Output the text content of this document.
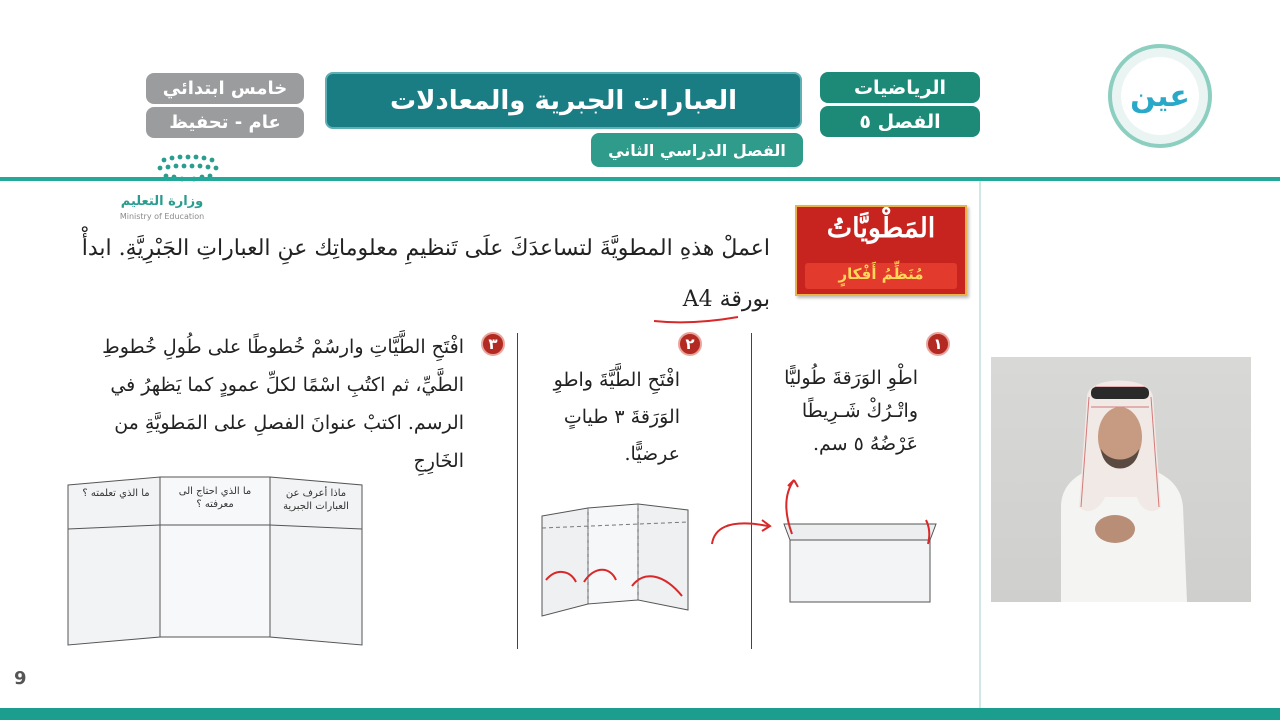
خامس ابتدائي
عام - تحفيظ
العبارات الجبرية والمعادلات
الفصل الدراسي الثاني
الرياضيات
الفصل ٥
عين
وزارة التعليم
Ministry of Education	المَطْويَّاتُ
مُنَظِّمُ أَفْكارٍ
اعملْ هذهِ المطويَّةَ لتساعدَكَ علَى تَنظيمِ معلوماتِك عنِ العباراتِ الجَبْرِيَّةِ. ابدأْ
بورقة A4
١
اطْوِ الوَرَقةَ طُوليًّا
واتْـرُكْ شَـرِيطًا
عَرْضُهُ ٥ سم.
٢
افْتَحِ الطَّيَّةَ واطوِ
الوَرَقةَ ٣ طياتٍ
عرضيًّا.
٣
افْتَحِ الطَّيَّاتِ وارسُمْ خُطوطًا على طُولِ خُطوطِ
الطَّيِّ، ثم اكتُبِ اسْمًا لكلِّ عمودٍ كما يَظهرُ في
الرسم. اكتبْ عنوانَ الفصلِ على المَطويَّةِ من
الخَارِجِ
ماذا أعرف عن العبارات الجبرية
ما الذي احتاج الى معرفته ؟
ما الذي تعلمته ؟
9
